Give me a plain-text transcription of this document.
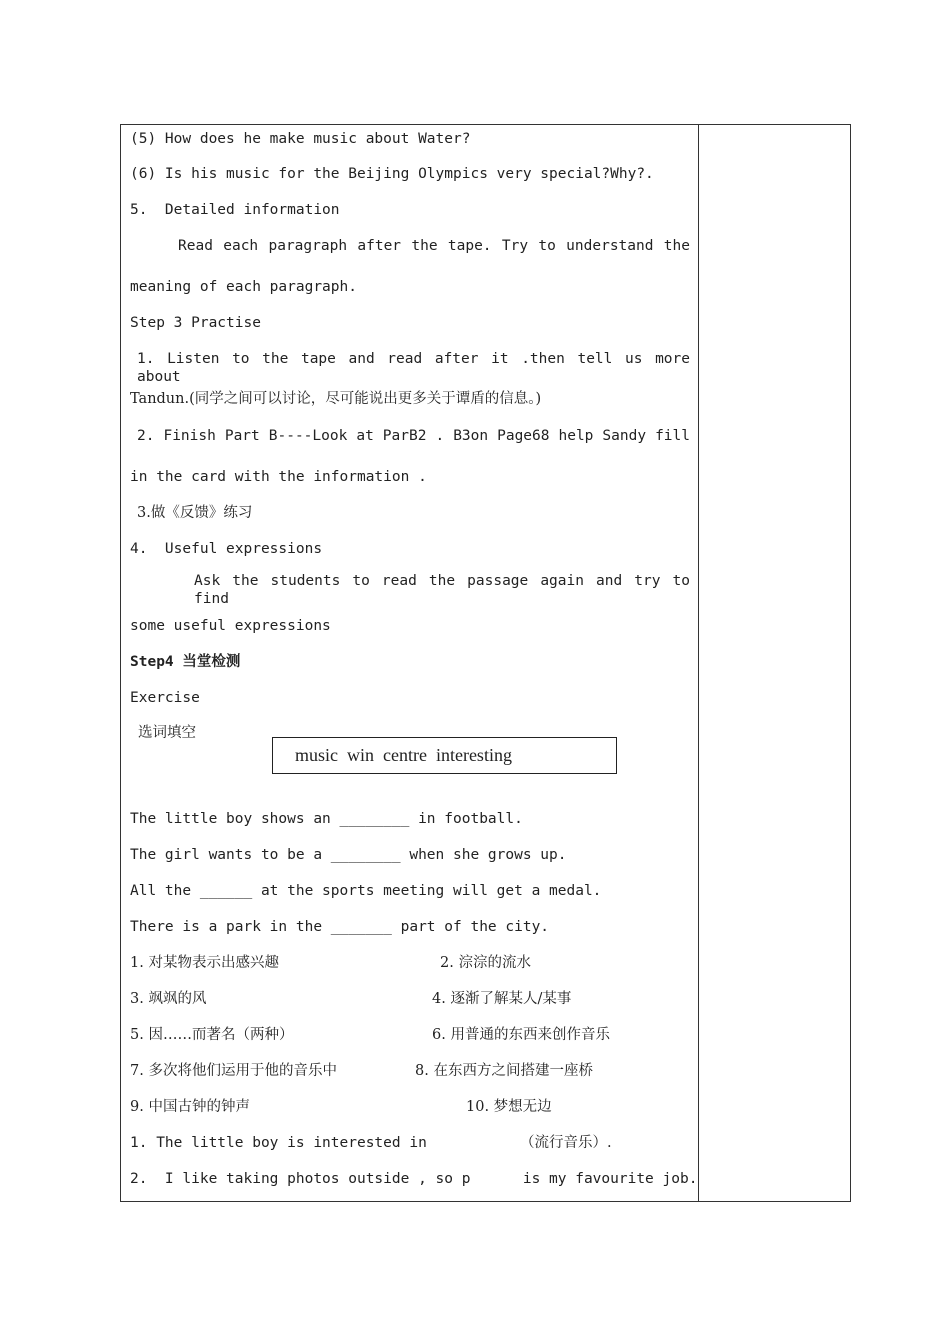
(5) How does he make music about Water?
(6) Is his music for the Beijing Olympics very special?Why?.
5.  Detailed information
Read each paragraph after the tape. Try to understand the
meaning of each paragraph.
Step 3 Practise
1. Listen to the tape and read after it .then tell us more about
Tandun.(同学之间可以讨论，尽可能说出更多关于谭盾的信息。)
2. Finish Part B----Look at ParB2 . B3on Page68 help Sandy fill
in the card with the information .
3.做《反馈》练习
4.  Useful expressions
Ask the students to read the passage again and try to find
some useful expressions
Step4 当堂检测
Exercise
选词填空
music  win  centre  interesting
The little boy shows an ________ in football.
The girl wants to be a ________ when she grows up.
All the ______ at the sports meeting will get a medal.
There is a park in the _______ part of the city.
1. 对某物表示出感兴趣	2. 淙淙的流水
3. 飒飒的风	4. 逐渐了解某人/某事
5. 因……而著名（两种）	6. 用普通的东西来创作音乐
7. 多次将他们运用于他的音乐中	8. 在东西方之间搭建一座桥
9. 中国古钟的钟声	10. 梦想无边
1. The little boy is interested in	（流行音乐）.
2.  I like taking photos outside , so p      is my favourite job.
